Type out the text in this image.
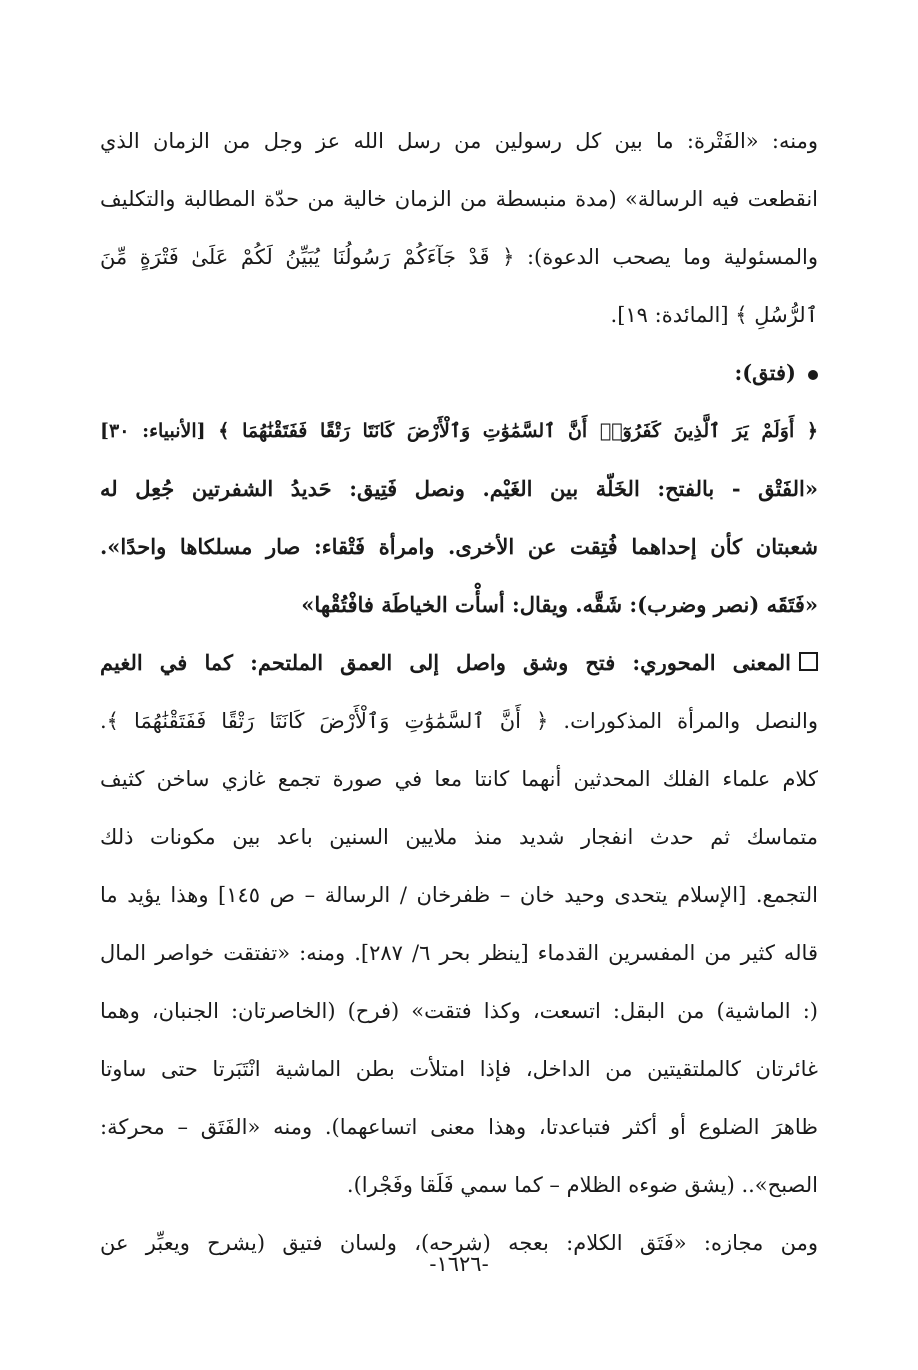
ومنه: «الفَتْرة: ما بين كل رسولين من رسل الله عز وجل من الزمان الذي
انقطعت فيه الرسالة» (مدة منبسطة من الزمان خالية من حدّة المطالبة والتكليف
والمسئولية وما يصحب الدعوة): ﴿ قَدْ جَآءَكُمْ رَسُولُنَا يُبَيِّنُ لَكُمْ عَلَىٰ فَتْرَةٍ مِّنَ
ٱلرُّسُلِ ﴾ [المائدة: ١٩].
(فتق):
﴿ أَوَلَمْ يَرَ ٱلَّذِينَ كَفَرُوٓا۟ أَنَّ ٱلسَّمَٰوَٰتِ وَٱلْأَرْضَ كَانَتَا رَتْقًا فَفَتَقْنَٰهُمَا ﴾ [الأنبياء: ٣٠]
«الفَتْق - بالفتح: الخَلّة بين الغَيْم. ونصل فَتِيق: حَديدُ الشفرتين جُعِل له
شعبتان كأن إحداهما فُتِقت عن الأخرى. وامرأة فَتْقاء: صار مسلكاها واحدًا».
«فَتَقَه (نصر وضرب): شَقَّه. ويقال: أسأْت الخياطَة فافْتُقْها»
المعنى المحوري: فتح وشق واصل إلى العمق الملتحم: كما في الغيم
والنصل والمرأة المذكورات. ﴿ أَنَّ ٱلسَّمَٰوَٰتِ وَٱلْأَرْضَ كَانَتَا رَتْقًا فَفَتَقْنَٰهُمَا ﴾.
كلام علماء الفلك المحدثين أنهما كانتا معا في صورة تجمع غازي ساخن كثيف
متماسك ثم حدث انفجار شديد منذ ملايين السنين باعد بين مكونات ذلك
التجمع. [الإسلام يتحدى وحيد خان – ظفرخان / الرسالة – ص ١٤٥] وهذا يؤيد ما
قاله كثير من المفسرين القدماء [ينظر بحر ٦/ ٢٨٧]. ومنه: «تفتقت خواصر المال
(: الماشية) من البقل: اتسعت، وكذا فتقت» (فرح) (الخاصرتان: الجنبان، وهما
غائرتان كالملتقيتين من الداخل، فإذا امتلأت بطن الماشية انْتَبَرتا حتى ساوتا
ظاهرَ الضلوع أو أكثر فتباعدتا، وهذا معنى اتساعهما). ومنه «الفَتَق – محركة:
الصبح».. (يشق ضوءه الظلام – كما سمي فَلَقا وفَجْرا).
ومن مجازه: «فَتَق الكلام: بعجه (شرحه)، ولسان فتيق (يشرح ويعبِّر عن
-١٦٢٦-
